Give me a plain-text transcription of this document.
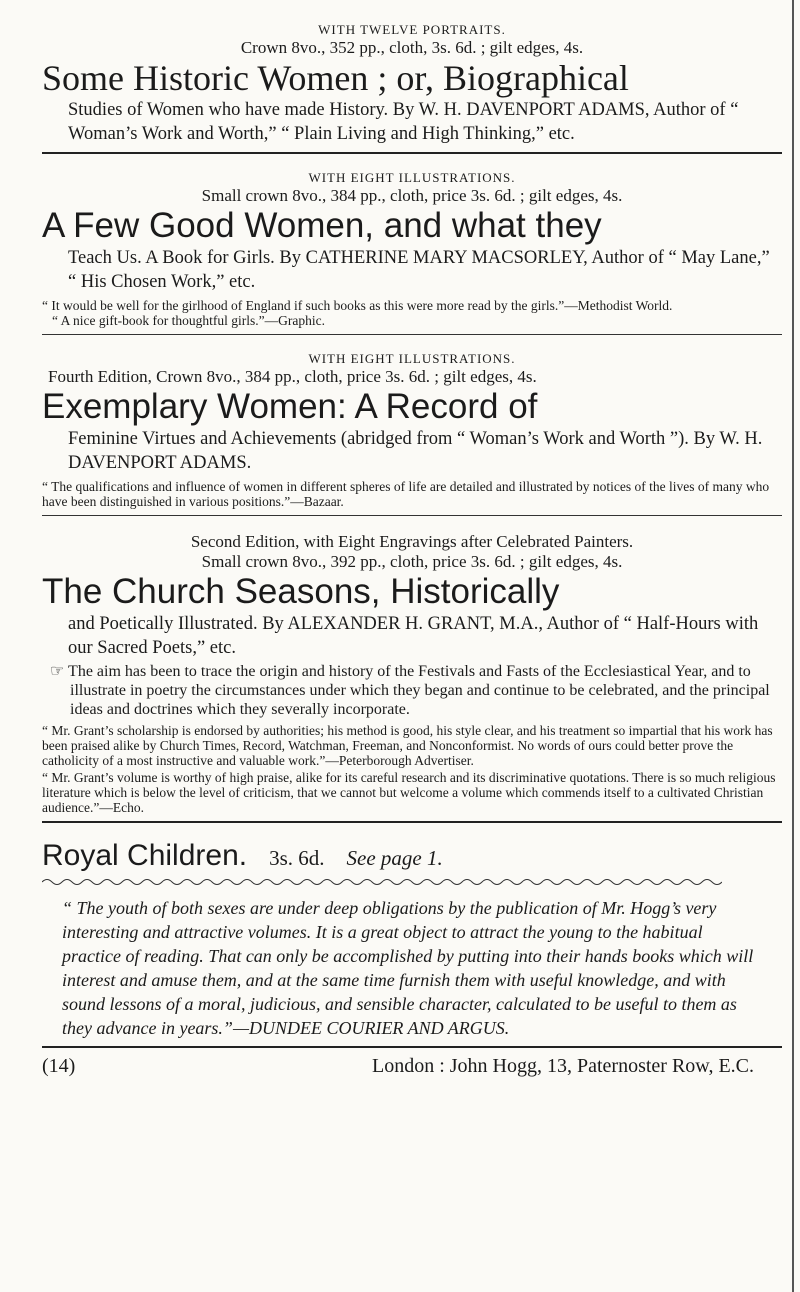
WITH TWELVE PORTRAITS.
Crown 8vo., 352 pp., cloth, 3s. 6d. ; gilt edges, 4s.
Some Historic Women ; or, Biographical
Studies of Women who have made History. By W. H. DAVENPORT ADAMS, Author of “ Woman’s Work and Worth,” “ Plain Living and High Thinking,” etc.
WITH EIGHT ILLUSTRATIONS.
Small crown 8vo., 384 pp., cloth, price 3s. 6d. ; gilt edges, 4s.
A Few Good Women, and what they
Teach Us. A Book for Girls. By CATHERINE MARY MACSORLEY, Author of “ May Lane,” “ His Chosen Work,” etc.
“ It would be well for the girlhood of England if such books as this were more read by the girls.”—Methodist World.
“ A nice gift-book for thoughtful girls.”—Graphic.
WITH EIGHT ILLUSTRATIONS.
Fourth Edition, Crown 8vo., 384 pp., cloth, price 3s. 6d. ; gilt edges, 4s.
Exemplary Women: A Record of
Feminine Virtues and Achievements (abridged from “ Woman’s Work and Worth ”). By W. H. DAVENPORT ADAMS.
“ The qualifications and influence of women in different spheres of life are detailed and illustrated by notices of the lives of many who have been distinguished in various positions.”—Bazaar.
Second Edition, with Eight Engravings after Celebrated Painters.
Small crown 8vo., 392 pp., cloth, price 3s. 6d. ; gilt edges, 4s.
The Church Seasons, Historically
and Poetically Illustrated. By ALEXANDER H. GRANT, M.A., Author of “ Half-Hours with our Sacred Poets,” etc.
☞ The aim has been to trace the origin and history of the Festivals and Fasts of the Ecclesiastical Year, and to illustrate in poetry the circumstances under which they began and continue to be celebrated, and the principal ideas and doctrines which they severally incorporate.
“ Mr. Grant’s scholarship is endorsed by authorities; his method is good, his style clear, and his treatment so impartial that his work has been praised alike by Church Times, Record, Watchman, Freeman, and Nonconformist. No words of ours could better prove the catholicity of a most instructive and valuable work.”—Peterborough Advertiser.
“ Mr. Grant’s volume is worthy of high praise, alike for its careful research and its discriminative quotations. There is so much religious literature which is below the level of criticism, that we cannot but welcome a volume which commends itself to a cultivated Christian audience.”—Echo.
Royal Children. 3s. 6d. See page 1.
“ The youth of both sexes are under deep obligations by the publication of Mr. Hogg’s very interesting and attractive volumes. It is a great object to attract the young to the habitual practice of reading. That can only be accomplished by putting into their hands books which will interest and amuse them, and at the same time furnish them with useful knowledge, and with sound lessons of a moral, judicious, and sensible character, calculated to be useful to them as they advance in years.”—DUNDEE COURIER AND ARGUS.
(14)	London : John Hogg, 13, Paternoster Row, E.C.
